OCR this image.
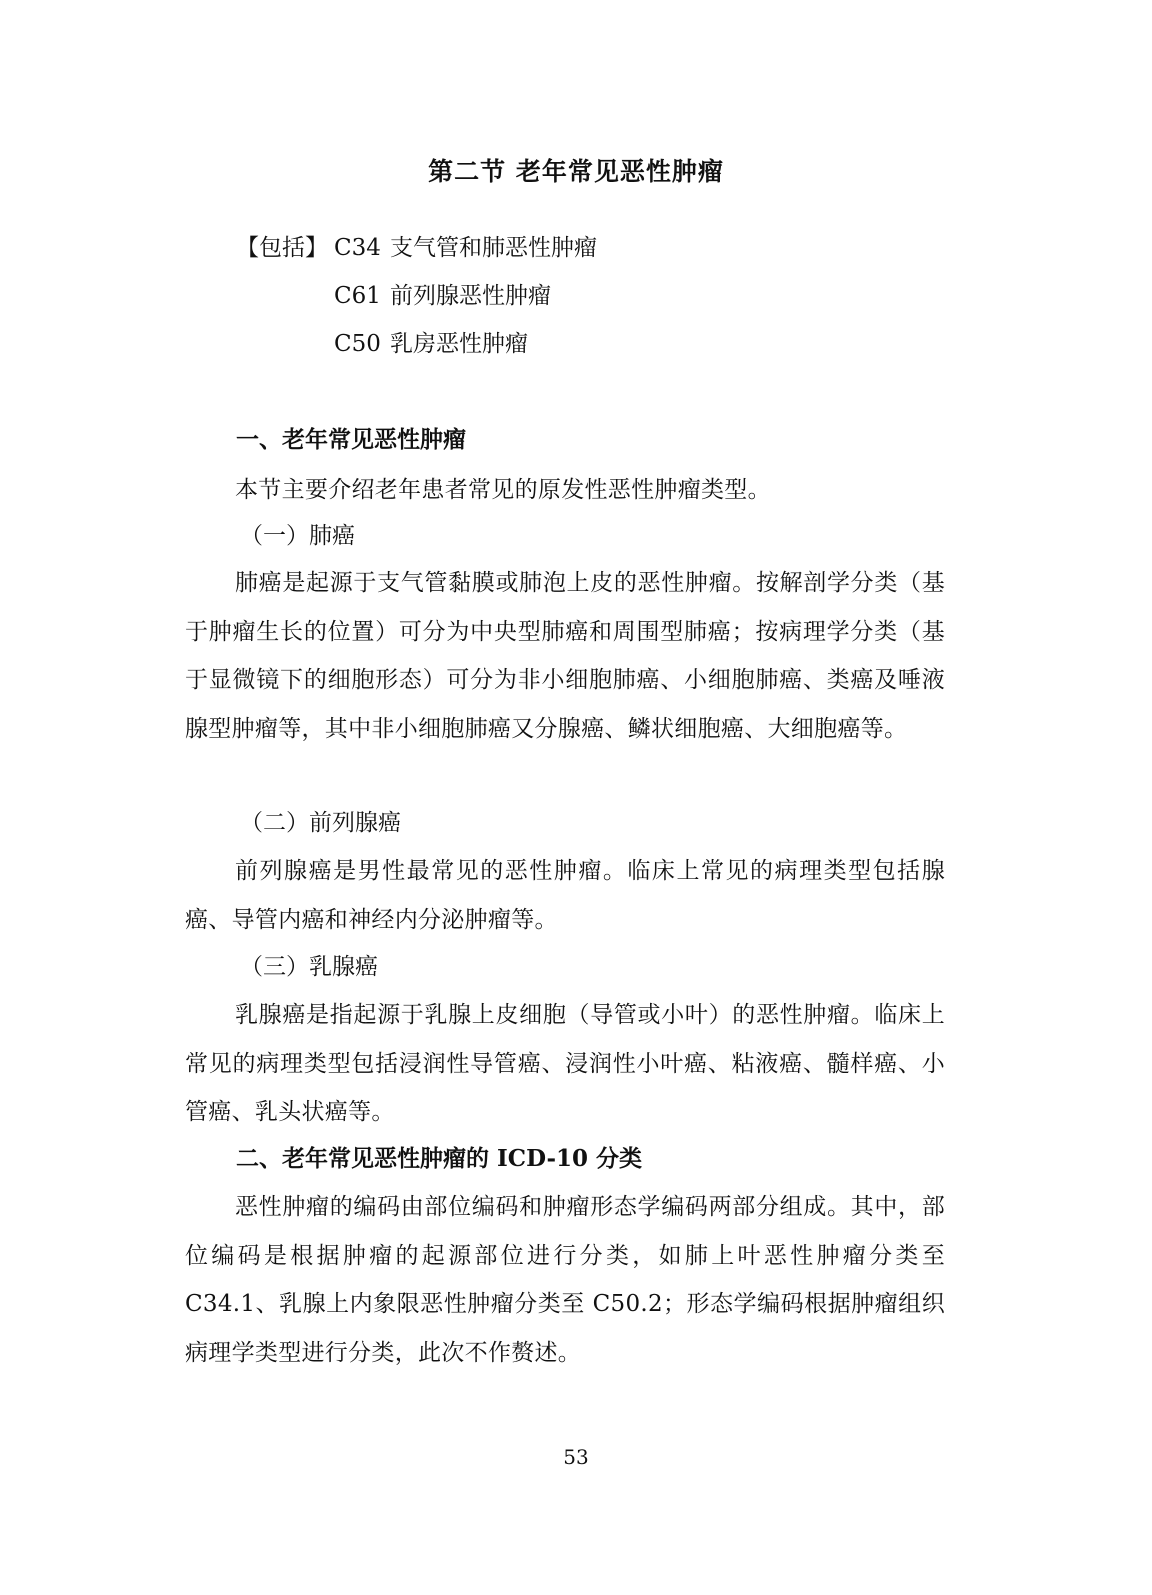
第二节 老年常见恶性肿瘤
【包括】 C34 支气管和肺恶性肿瘤
C61 前列腺恶性肿瘤
C50 乳房恶性肿瘤
一、老年常见恶性肿瘤
本节主要介绍老年患者常见的原发性恶性肿瘤类型。
（一）肺癌
肺癌是起源于支气管黏膜或肺泡上皮的恶性肿瘤。按解剖学分类（基于肿瘤生长的位置）可分为中央型肺癌和周围型肺癌；按病理学分类（基于显微镜下的细胞形态）可分为非小细胞肺癌、小细胞肺癌、类癌及唾液腺型肿瘤等，其中非小细胞肺癌又分腺癌、鳞状细胞癌、大细胞癌等。
（二）前列腺癌
前列腺癌是男性最常见的恶性肿瘤。临床上常见的病理类型包括腺癌、导管内癌和神经内分泌肿瘤等。
（三）乳腺癌
乳腺癌是指起源于乳腺上皮细胞（导管或小叶）的恶性肿瘤。临床上常见的病理类型包括浸润性导管癌、浸润性小叶癌、粘液癌、髓样癌、小管癌、乳头状癌等。
二、老年常见恶性肿瘤的 ICD-10 分类
恶性肿瘤的编码由部位编码和肿瘤形态学编码两部分组成。其中，部位编码是根据肿瘤的起源部位进行分类，如肺上叶恶性肿瘤分类至C34.1、乳腺上内象限恶性肿瘤分类至 C50.2；形态学编码根据肿瘤组织病理学类型进行分类，此次不作赘述。
53
